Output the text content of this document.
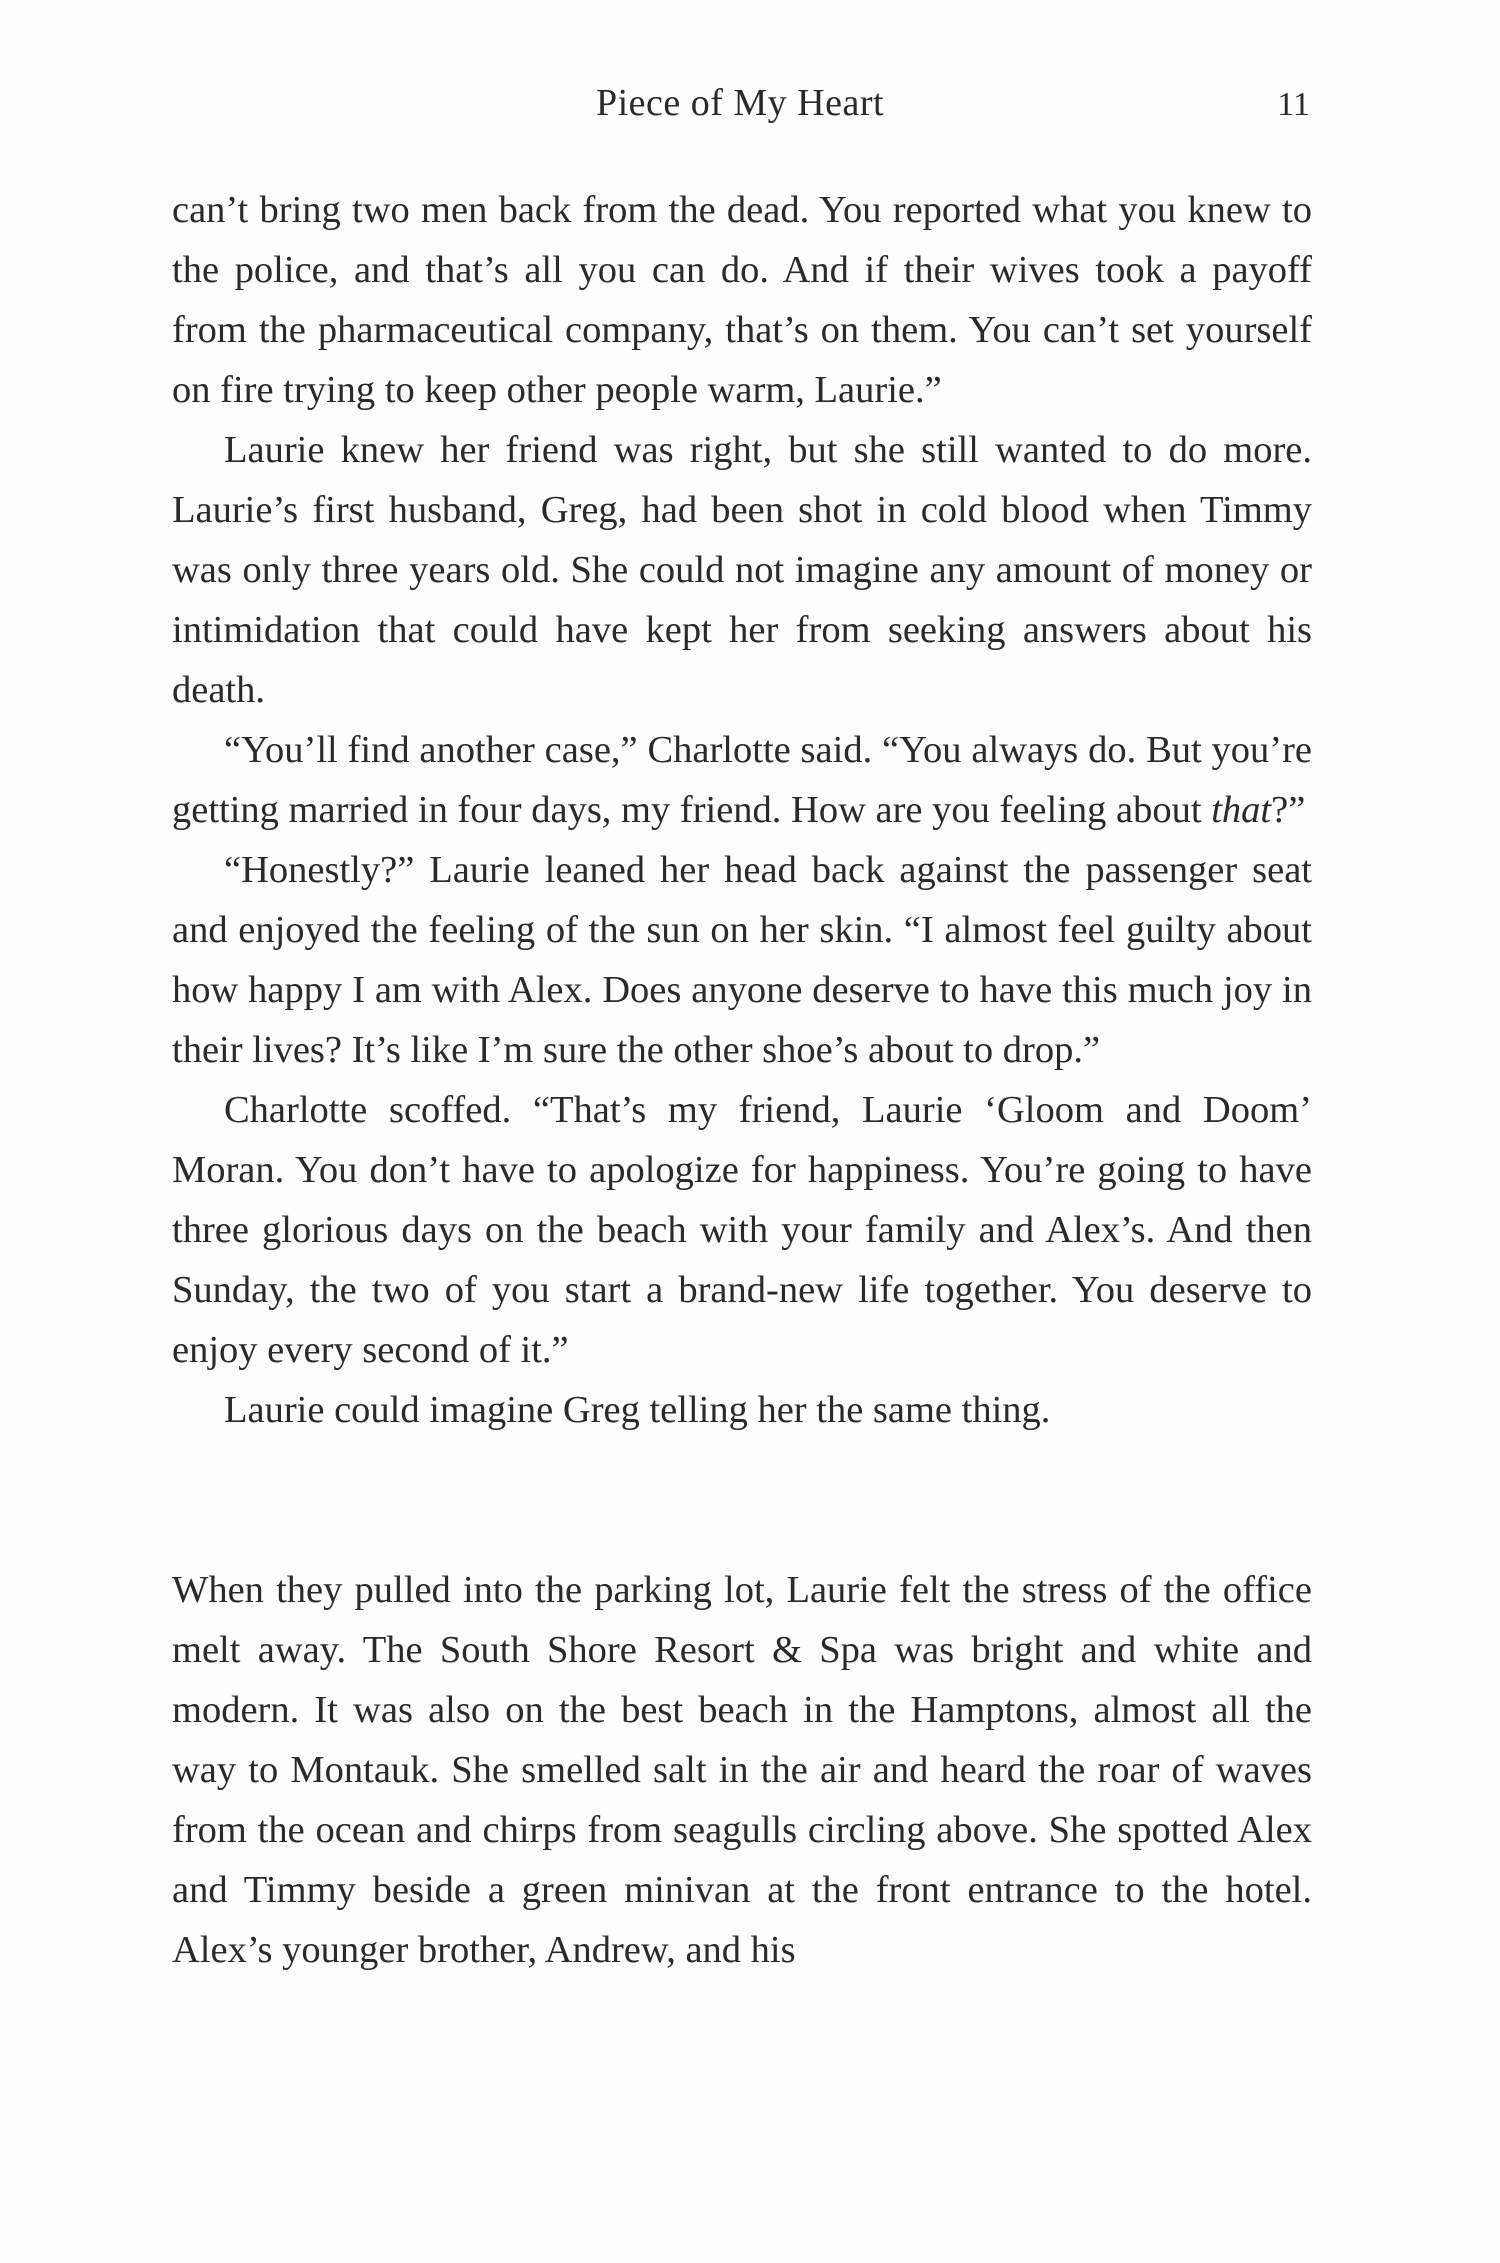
Piece of My Heart	11

can’t bring two men back from the dead. You reported what you knew to the police, and that’s all you can do. And if their wives took a payoff from the pharmaceutical company, that’s on them. You can’t set yourself on fire trying to keep other people warm, Laurie.”

Laurie knew her friend was right, but she still wanted to do more. Laurie’s first husband, Greg, had been shot in cold blood when Timmy was only three years old. She could not imagine any amount of money or intimidation that could have kept her from seeking answers about his death.

“You’ll find another case,” Charlotte said. “You always do. But you’re getting married in four days, my friend. How are you feeling about that?”

“Honestly?” Laurie leaned her head back against the passenger seat and enjoyed the feeling of the sun on her skin. “I almost feel guilty about how happy I am with Alex. Does anyone deserve to have this much joy in their lives? It’s like I’m sure the other shoe’s about to drop.”

Charlotte scoffed. “That’s my friend, Laurie ‘Gloom and Doom’ Moran. You don’t have to apologize for happiness. You’re going to have three glorious days on the beach with your family and Alex’s. And then Sunday, the two of you start a brand-new life together. You deserve to enjoy every second of it.”

Laurie could imagine Greg telling her the same thing.

When they pulled into the parking lot, Laurie felt the stress of the office melt away. The South Shore Resort & Spa was bright and white and modern. It was also on the best beach in the Hamptons, almost all the way to Montauk. She smelled salt in the air and heard the roar of waves from the ocean and chirps from seagulls circling above. She spotted Alex and Timmy beside a green minivan at the front entrance to the hotel. Alex’s younger brother, Andrew, and his
